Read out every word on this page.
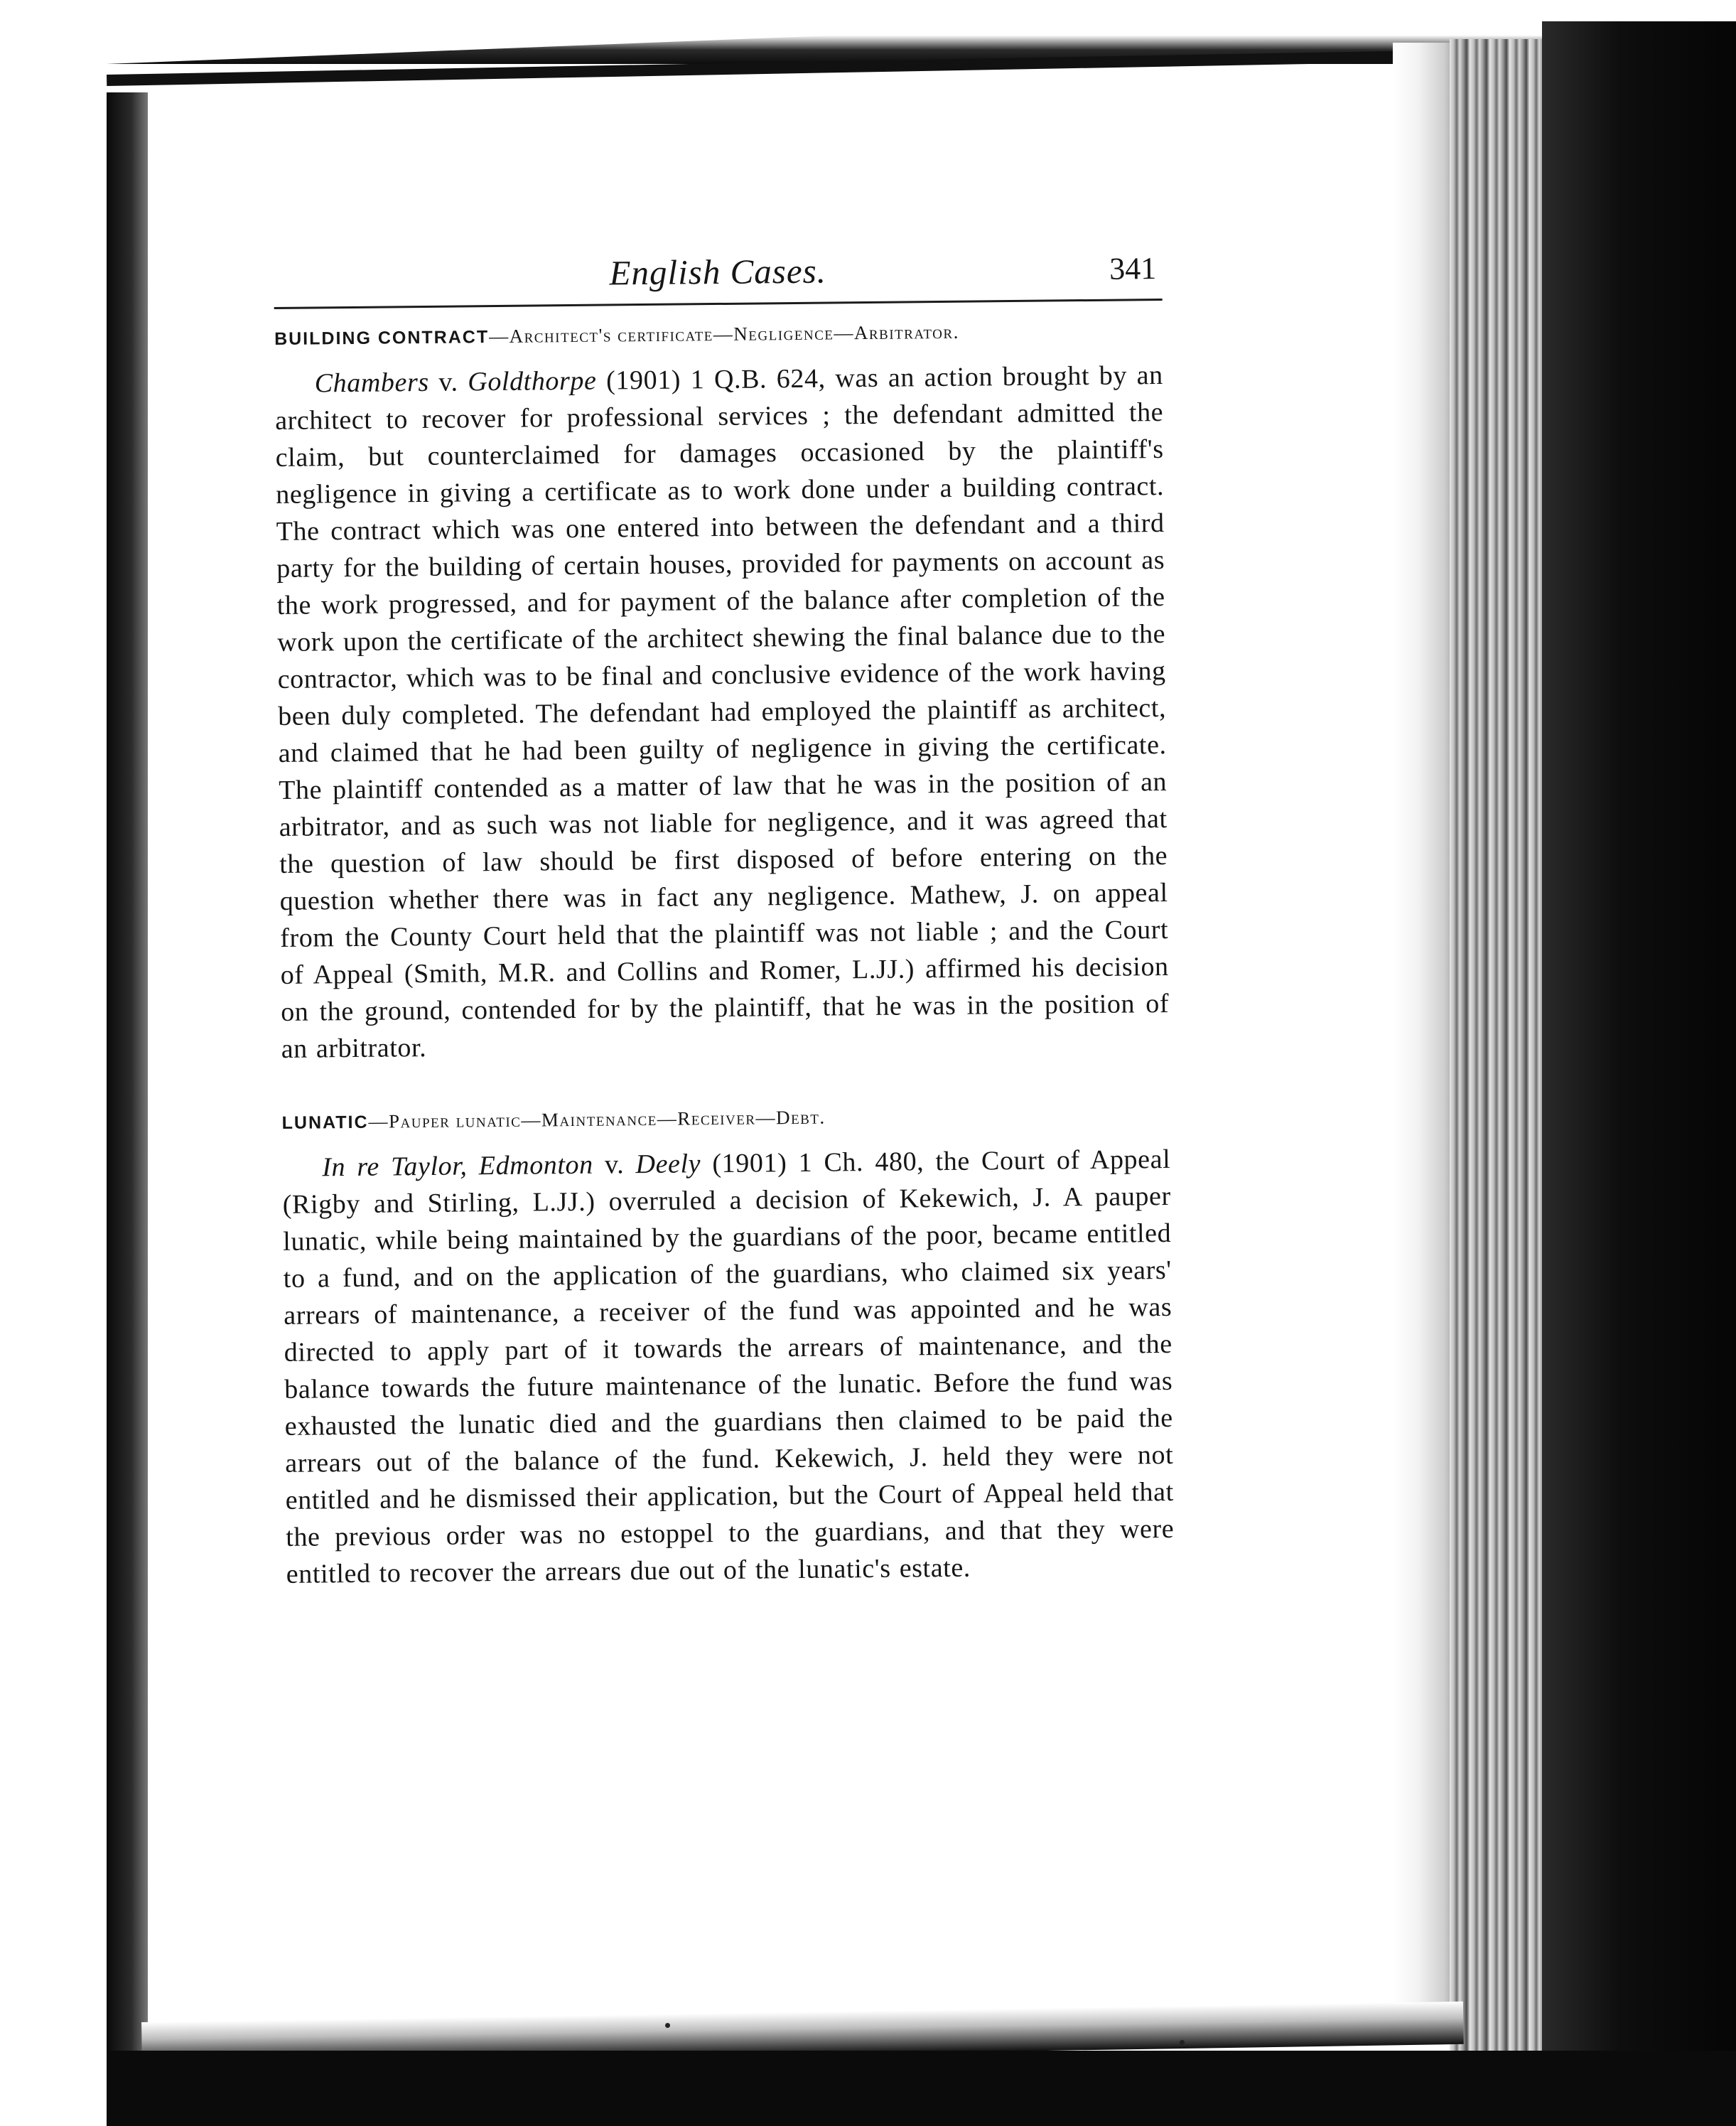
English Cases.	341
BUILDING CONTRACT—Architect's certificate—Negligence—Arbitrator.

Chambers v. Goldthorpe (1901) 1 Q.B. 624, was an action brought by an architect to recover for professional services ; the defendant admitted the claim, but counterclaimed for damages occasioned by the plaintiff's negligence in giving a certificate as to work done under a building contract. The contract which was one entered into between the defendant and a third party for the building of certain houses, provided for payments on account as the work progressed, and for payment of the balance after completion of the work upon the certificate of the architect shewing the final balance due to the contractor, which was to be final and conclusive evidence of the work having been duly completed. The defendant had employed the plaintiff as architect, and claimed that he had been guilty of negligence in giving the certificate. The plaintiff contended as a matter of law that he was in the position of an arbitrator, and as such was not liable for negligence, and it was agreed that the question of law should be first disposed of before entering on the question whether there was in fact any negligence. Mathew, J. on appeal from the County Court held that the plaintiff was not liable ; and the Court of Appeal (Smith, M.R. and Collins and Romer, L.JJ.) affirmed his decision on the ground, contended for by the plaintiff, that he was in the position of an arbitrator.

LUNATIC—Pauper lunatic—Maintenance—Receiver—Debt.

In re Taylor, Edmonton v. Deely (1901) 1 Ch. 480, the Court of Appeal (Rigby and Stirling, L.JJ.) overruled a decision of Kekewich, J. A pauper lunatic, while being maintained by the guardians of the poor, became entitled to a fund, and on the application of the guardians, who claimed six years' arrears of maintenance, a receiver of the fund was appointed and he was directed to apply part of it towards the arrears of maintenance, and the balance towards the future maintenance of the lunatic. Before the fund was exhausted the lunatic died and the guardians then claimed to be paid the arrears out of the balance of the fund. Kekewich, J. held they were not entitled and he dismissed their application, but the Court of Appeal held that the previous order was no estoppel to the guardians, and that they were entitled to recover the arrears due out of the lunatic's estate.
